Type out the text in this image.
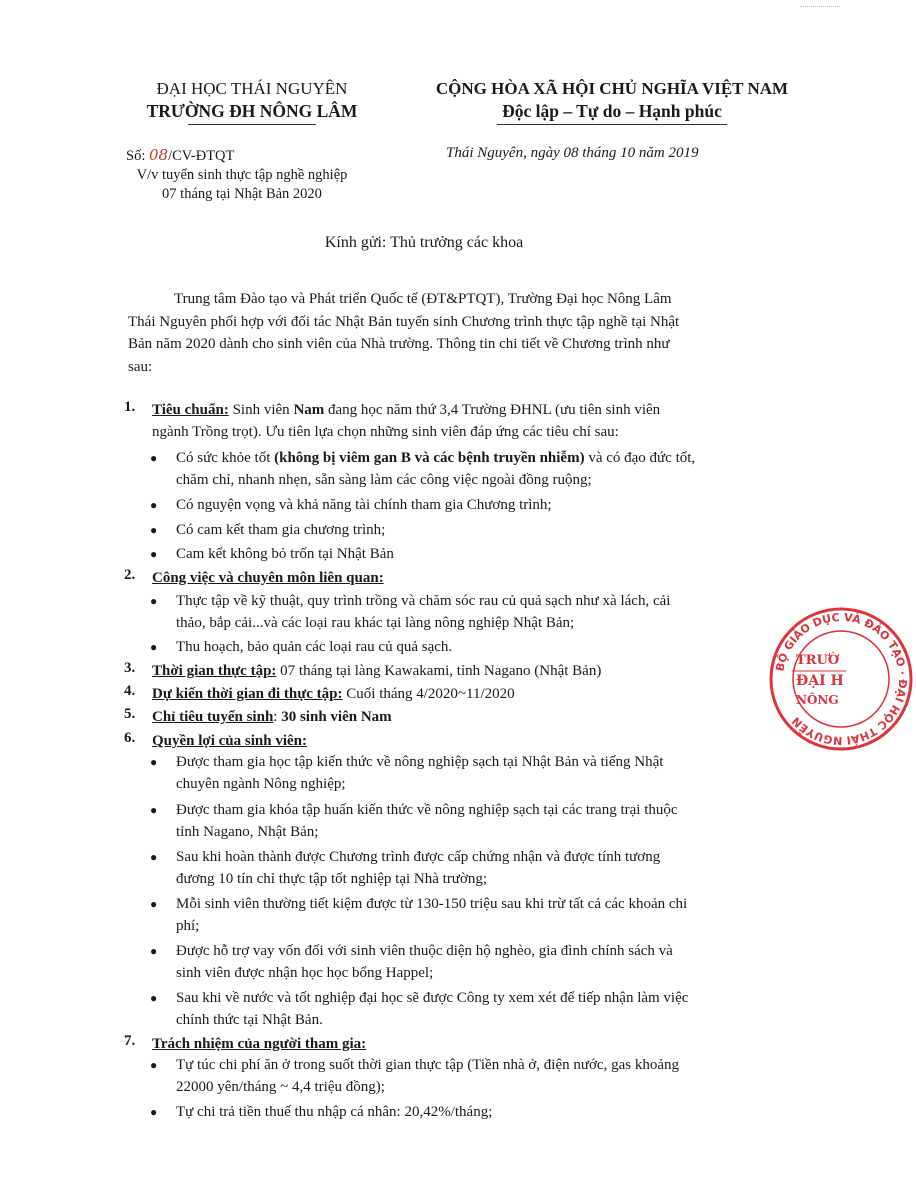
ĐẠI HỌC THÁI NGUYÊN
TRƯỜNG ĐH NÔNG LÂM
CỘNG HÒA XÃ HỘI CHỦ NGHĨA VIỆT NAM
Độc lập – Tự do – Hạnh phúc
Số: 08/CV-ĐTQT
V/v tuyển sinh thực tập nghề nghiệp
07 tháng tại Nhật Bản 2020
Thái Nguyên, ngày 08 tháng 10 năm 2019
Kính gửi: Thủ trưởng các khoa
Trung tâm Đào tạo và Phát triển Quốc tế (ĐT&PTQT), Trường Đại học Nông Lâm
Thái Nguyên phối hợp với đối tác Nhật Bản tuyển sinh Chương trình thực tập nghề tại Nhật
Bản năm 2020 dành cho sinh viên của Nhà trường. Thông tin chi tiết về Chương trình như
sau:
1. Tiêu chuẩn: Sinh viên Nam đang học năm thứ 3,4 Trường ĐHNL (ưu tiên sinh viên
ngành Trồng trọt). Ưu tiên lựa chọn những sinh viên đáp ứng các tiêu chí sau:
● Có sức khỏe tốt (không bị viêm gan B và các bệnh truyền nhiễm) và có đạo đức tốt,
chăm chỉ, nhanh nhẹn, sẵn sàng làm các công việc ngoài đồng ruộng;
● Có nguyện vọng và khả năng tài chính tham gia Chương trình;
● Có cam kết tham gia chương trình;
● Cam kết không bỏ trốn tại Nhật Bản
2. Công việc và chuyên môn liên quan:
● Thực tập về kỹ thuật, quy trình trồng và chăm sóc rau củ quả sạch như xà lách, cải
thảo, bắp cải...và các loại rau khác tại làng nông nghiệp Nhật Bản;
● Thu hoạch, bảo quản các loại rau củ quả sạch.
3. Thời gian thực tập: 07 tháng tại làng Kawakami, tỉnh Nagano (Nhật Bản)
4. Dự kiến thời gian đi thực tập: Cuối tháng 4/2020~11/2020
5. Chỉ tiêu tuyển sinh: 30 sinh viên Nam
6. Quyền lợi của sinh viên:
● Được tham gia học tập kiến thức về nông nghiệp sạch tại Nhật Bản và tiếng Nhật
chuyên ngành Nông nghiệp;
● Được tham gia khóa tập huấn kiến thức về nông nghiệp sạch tại các trang trại thuộc
tỉnh Nagano, Nhật Bản;
● Sau khi hoàn thành được Chương trình được cấp chứng nhận và được tính tương
đương 10 tín chỉ thực tập tốt nghiệp tại Nhà trường;
● Mỗi sinh viên thường tiết kiệm được từ 130-150 triệu sau khi trừ tất cả các khoản chi
phí;
● Được hỗ trợ vay vốn đối với sinh viên thuộc diện hộ nghèo, gia đình chính sách và
sinh viên được nhận học học bổng Happel;
● Sau khi về nước và tốt nghiệp đại học sẽ được Công ty xem xét để tiếp nhận làm việc
chính thức tại Nhật Bản.
7. Trách nhiệm của người tham gia:
● Tự túc chi phí ăn ở trong suốt thời gian thực tập (Tiền nhà ở, điện nước, gas khoảng
22000 yên/tháng ~ 4,4 triệu đồng);
● Tự chi trả tiền thuế thu nhập cá nhân: 20,42%/tháng;
BỘ GIÁO DỤC VÀ ĐÀO TẠO · ĐẠI HỌC THÁI NGUYÊN
TRƯỜ
ĐẠI H
NÔNG
